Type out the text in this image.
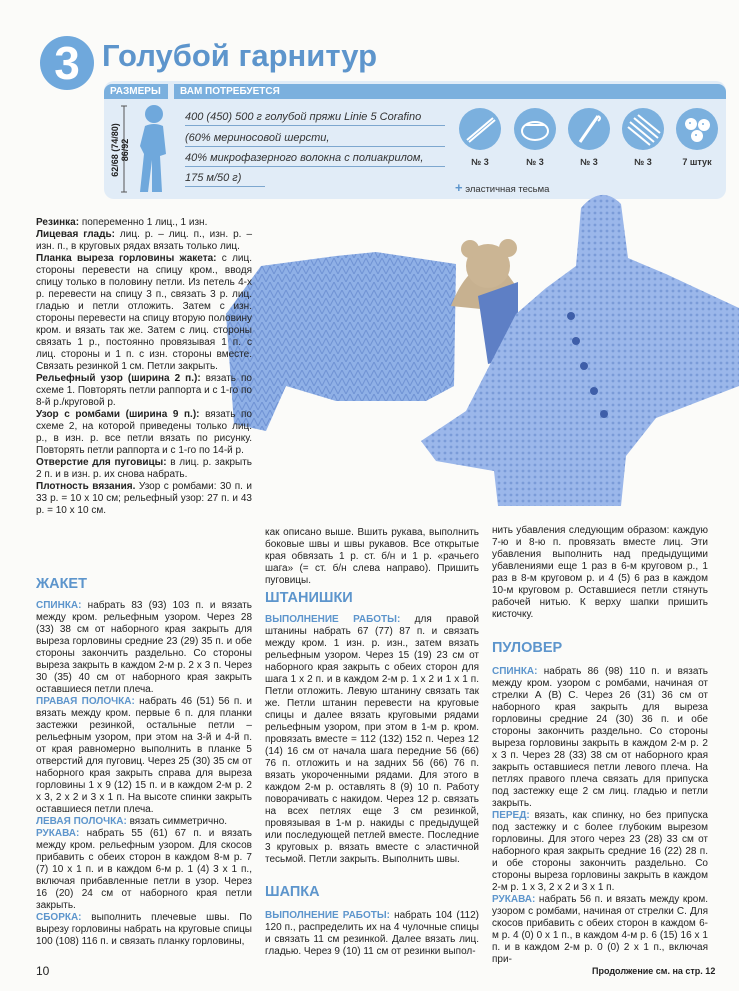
3 Голубой гарнитур
РАЗМЕРЫ	ВАМ ПОТРЕБУЕТСЯ
62/68 (74/80) 86/92
400 (450) 500 г голубой пряжи Linie 5 Corafino
(60% мериносовой шерсти,
40% микрофазерного волокна с полиакрилом,
175 м/50 г)
№ 3	№ 3	№ 3	№ 3	7 штук
+ эластичная тесьма

Резинка: попеременно 1 лиц., 1 изн.

Лицевая гладь: лиц. р. – лиц. п., изн. р. – изн. п., в круговых рядах вязать только лиц.

Планка выреза горловины жакета: с лиц. стороны перевести на спицу кром., вводя спицу только в половину петли. Из петель 4-х р. перевести на спицу 3 п., связать 3 р. лиц. гладью и петли отложить. Затем с изн. стороны перевести на спицу вторую половину кром. и вязать так же. Затем с лиц. стороны связать 1 р., постоянно провязывая 1 п. с лиц. стороны и 1 п. с изн. стороны вместе. Связать резинкой 1 см. Петли закрыть.

Рельефный узор (ширина 2 п.): вязать по схеме 1. Повторять петли раппорта и с 1-го по 8-й р./круговой р.

Узор с ромбами (ширина 9 п.): вязать по схеме 2, на которой приведены только лиц. р., в изн. р. все петли вязать по рисунку. Повторять петли раппорта и с 1-го по 14-й р.

Отверстие для пуговицы: в лиц. р. закрыть 2 п. и в изн. р. их снова набрать.

Плотность вязания. Узор с ромбами: 30 п. и 33 р. = 10 х 10 см; рельефный узор: 27 п. и 43 р. = 10 х 10 см.

ЖАКЕТ

СПИНКА: набрать 83 (93) 103 п. и вязать между кром. рельефным узором. Через 28 (33) 38 см от наборного края закрыть для выреза горловины средние 23 (29) 35 п. и обе стороны закончить раздельно. Со стороны выреза закрыть в каждом 2-м р. 2 х 3 п. Через 30 (35) 40 см от наборного края закрыть оставшиеся петли плеча.

ПРАВАЯ ПОЛОЧКА: набрать 46 (51) 56 п. и вязать между кром. первые 6 п. для планки застежки резинкой, остальные петли – рельефным узором, при этом на 3-й и 4-й п. от края равномерно выполнить в планке 5 отверстий для пуговиц. Через 25 (30) 35 см от наборного края закрыть справа для выреза горловины 1 х 9 (12) 15 п. и в каждом 2-м р. 2 х 3, 2 х 2 и 3 х 1 п. На высоте спинки закрыть оставшиеся петли плеча.

ЛЕВАЯ ПОЛОЧКА: вязать симметрично.

РУКАВА: набрать 55 (61) 67 п. и вязать между кром. рельефным узором. Для скосов прибавить с обеих сторон в каждом 8-м р. 7 (7) 10 х 1 п. и в каждом 6-м р. 1 (4) 3 х 1 п., включая прибавленные петли в узор. Через 16 (20) 24 см от наборного края петли закрыть.

СБОРКА: выполнить плечевые швы. По вырезу горловины набрать на круговые спицы 100 (108) 116 п. и связать планку горловины,

как описано выше. Вшить рукава, выполнить боковые швы и швы рукавов. Все открытые края обвязать 1 р. ст. б/н и 1 р. «рачьего шага» (= ст. б/н слева направо). Пришить пуговицы.
ШТАНИШКИ

ВЫПОЛНЕНИЕ РАБОТЫ: для правой штанины набрать 67 (77) 87 п. и связать между кром. 1 изн. р. изн., затем вязать рельефным узором. Через 15 (19) 23 см от наборного края закрыть с обеих сторон для шага 1 х 2 п. и в каждом 2-м р. 1 х 2 и 1 х 1 п. Петли отложить. Левую штанину связать так же. Петли штанин перевести на круговые спицы и далее вязать круговыми рядами рельефным узором, при этом в 1-м р. кром. провязать вместе = 112 (132) 152 п. Через 12 (14) 16 см от начала шага передние 56 (66) 76 п. отложить и на задних 56 (66) 76 п. вязать укороченными рядами. Для этого в каждом 2-м р. оставлять 8 (9) 10 п. Работу поворачивать с накидом. Через 12 р. связать на всех петлях еще 3 см резинкой, провязывая в 1-м р. накиды с предыдущей или последующей петлей вместе. Последние 3 круговых р. вязать вместе с эластичной тесьмой. Петли закрыть. Выполнить швы.

ШАПКА

ВЫПОЛНЕНИЕ РАБОТЫ: набрать 104 (112) 120 п., распределить их на 4 чулочные спицы и связать 11 см резинкой. Далее вязать лиц. гладью. Через 9 (10) 11 см от резинки выпол-

нить убавления следующим образом: каждую 7-ю и 8-ю п. провязать вместе лиц. Эти убавления выполнить над предыдущими убавлениями еще 1 раз в 6-м круговом р., 1 раз в 8-м круговом р. и 4 (5) 6 раз в каждом 10-м круговом р. Оставшиеся петли стянуть рабочей нитью. К верху шапки пришить кисточку.
ПУЛОВЕР

СПИНКА: набрать 86 (98) 110 п. и вязать между кром. узором с ромбами, начиная от стрелки А (В) С. Через 26 (31) 36 см от наборного края закрыть для выреза горловины средние 24 (30) 36 п. и обе стороны закончить раздельно. Со стороны выреза горловины закрыть в каждом 2-м р. 2 х 3 п. Через 28 (33) 38 см от наборного края закрыть оставшиеся петли левого плеча. На петлях правого плеча связать для припуска под застежку еще 2 см лиц. гладью и петли закрыть.

ПЕРЕД: вязать, как спинку, но без припуска под застежку и с более глубоким вырезом горловины. Для этого через 23 (28) 33 см от наборного края закрыть средние 16 (22) 28 п. и обе стороны закончить раздельно. Со стороны выреза горловины закрыть в каждом 2-м р. 1 х 3, 2 х 2 и 3 х 1 п.

РУКАВА: набрать 56 п. и вязать между кром. узором с ромбами, начиная от стрелки С. Для скосов прибавить с обеих сторон в каждом 6-м р. 4 (0) 0 х 1 п., в каждом 4-м р. 6 (15) 16 х 1 п. и в каждом 2-м р. 0 (0) 2 х 1 п., включая при-

10	Продолжение см. на стр. 12
